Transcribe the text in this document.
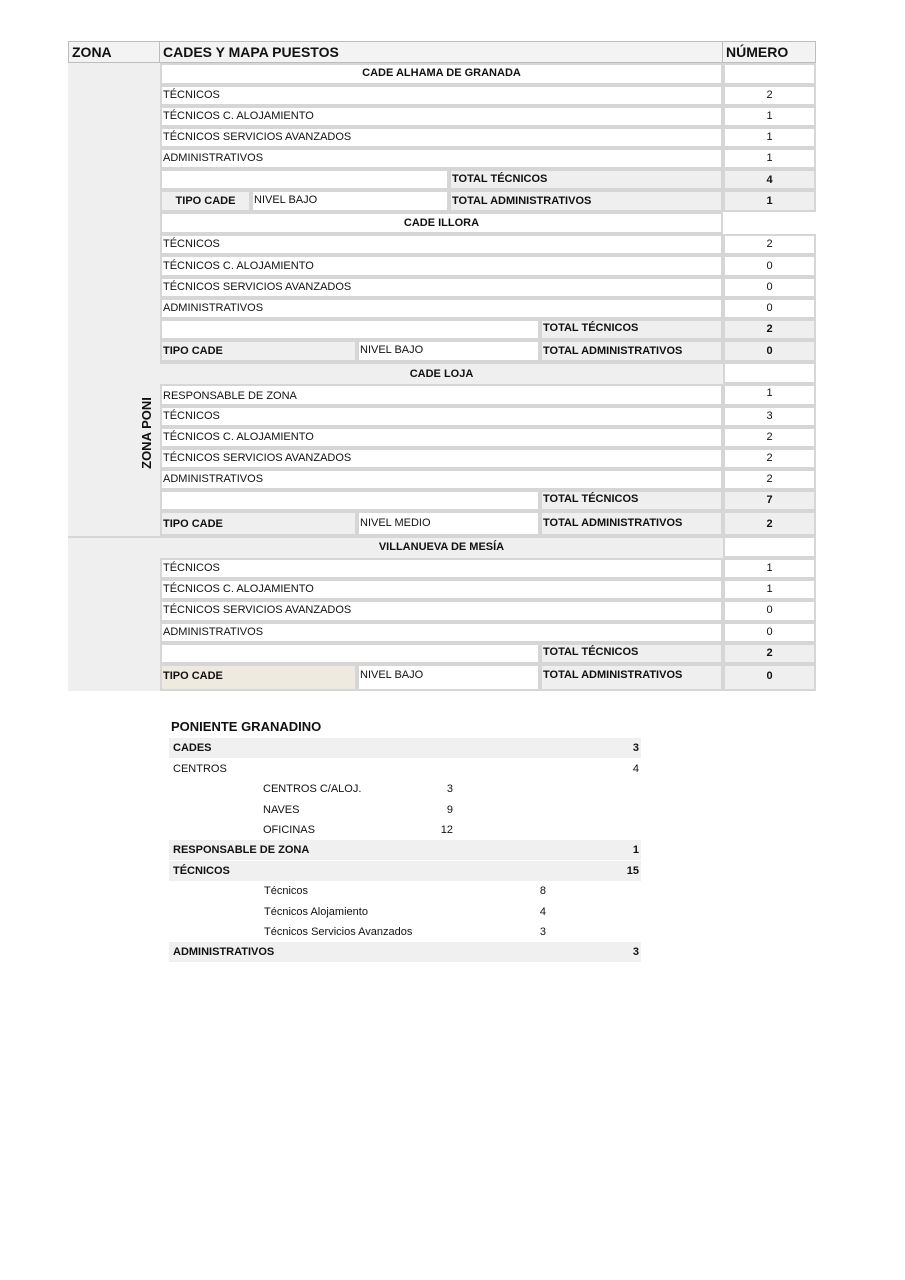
ZONA	CADES Y MAPA PUESTOS	NÚMERO
ZONA PONI
CADE ALHAMA DE GRANADA
TÉCNICOS	2
TÉCNICOS C. ALOJAMIENTO	1
TÉCNICOS SERVICIOS AVANZADOS	1
ADMINISTRATIVOS	1
TOTAL TÉCNICOS	4
TIPO CADE	NIVEL BAJO	TOTAL ADMINISTRATIVOS	1
CADE ILLORA
TÉCNICOS	2
TÉCNICOS C. ALOJAMIENTO	0
TÉCNICOS SERVICIOS AVANZADOS	0
ADMINISTRATIVOS	0
TOTAL TÉCNICOS	2
TIPO CADE	NIVEL BAJO	TOTAL ADMINISTRATIVOS	0
CADE LOJA
RESPONSABLE DE ZONA	1
TÉCNICOS	3
TÉCNICOS C. ALOJAMIENTO	2
TÉCNICOS SERVICIOS AVANZADOS	2
ADMINISTRATIVOS	2
TOTAL TÉCNICOS	7
TIPO CADE	NIVEL MEDIO	TOTAL ADMINISTRATIVOS	2
VILLANUEVA DE MESÍA
TÉCNICOS	1
TÉCNICOS C. ALOJAMIENTO	1
TÉCNICOS SERVICIOS AVANZADOS	0
ADMINISTRATIVOS	0
TOTAL TÉCNICOS	2
TIPO CADE	NIVEL BAJO	TOTAL ADMINISTRATIVOS	0
PONIENTE GRANADINO
CADES	3
CENTROS	4
CENTROS C/ALOJ.	3
NAVES	9
OFICINAS	12
RESPONSABLE DE ZONA	1
TÉCNICOS	15
Técnicos	8
Técnicos Alojamiento	4
Técnicos Servicios Avanzados	3
ADMINISTRATIVOS	3
